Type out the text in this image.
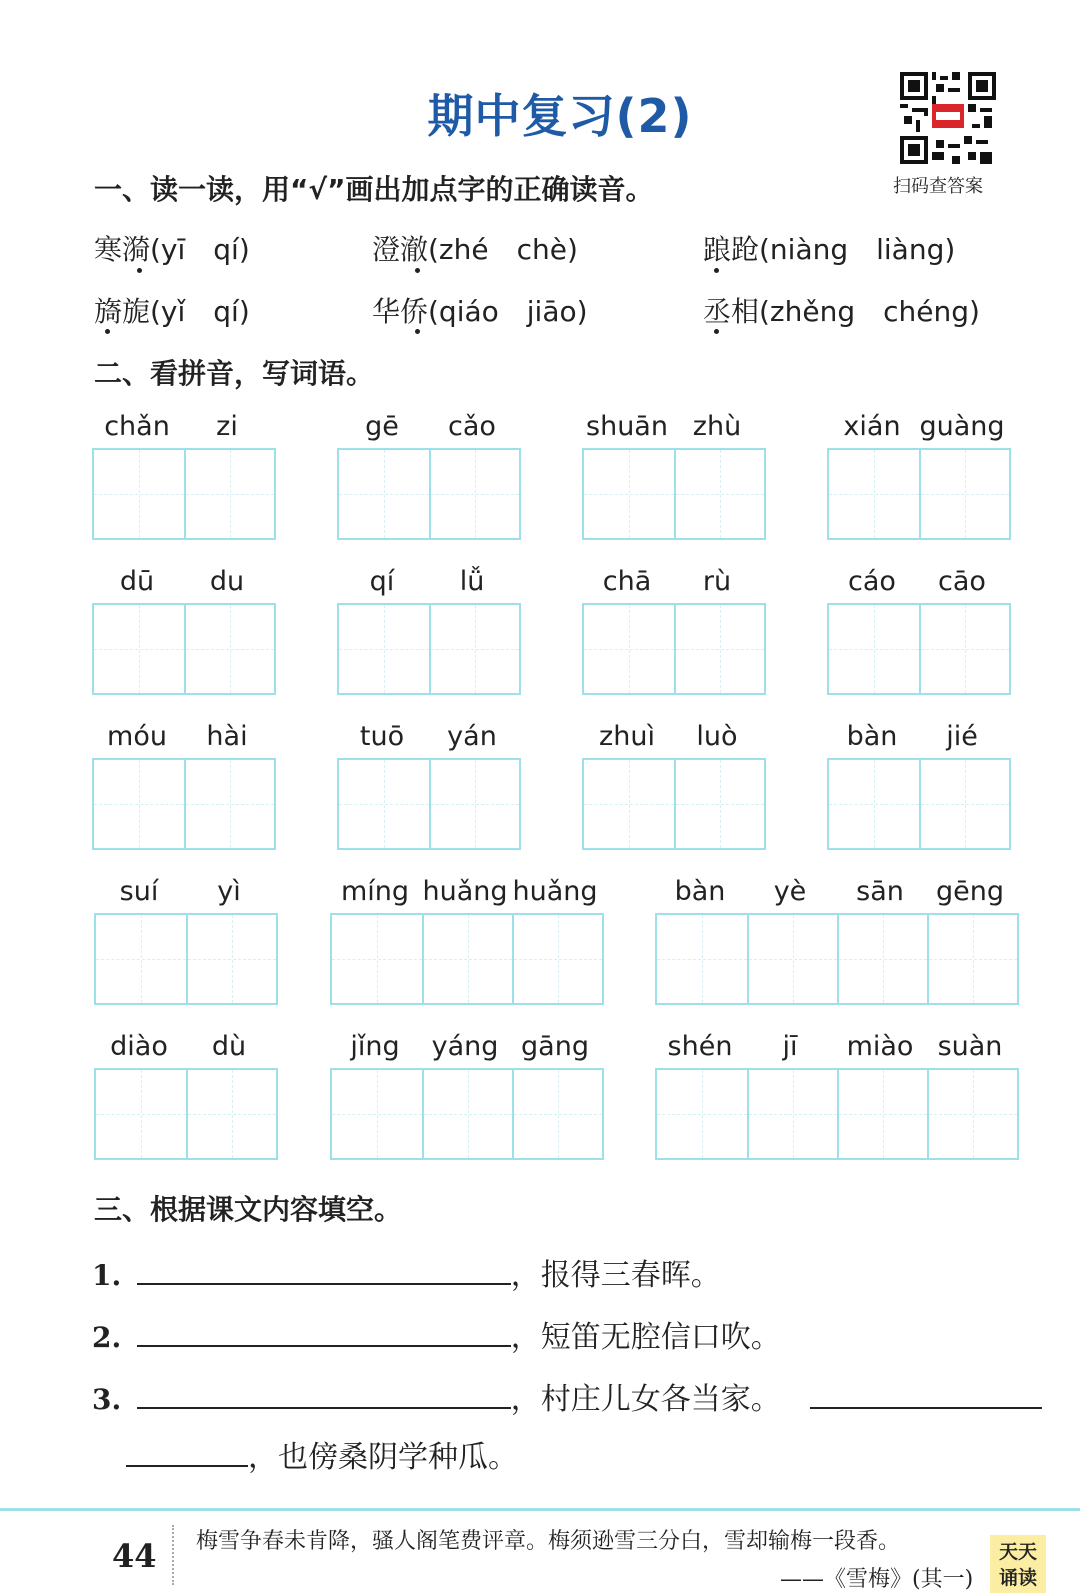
期中复习(2)
扫码查答案
一、读一读，用“√”画出加点字的正确读音。
寒漪(yī　qí)	澄澈(zhé　chè)	踉跄(niàng　liàng)
旖旎(yǐ　qí)	华侨(qiáo　jiāo)	丞相(zhěng　chéng)
二、看拼音，写词语。
chǎn	zi	gē	cǎo	shuān zhù	xián guàng
dū	du	qí	lǚ	chā	rù	cáo	cāo
móu	hài	tuō	yán	zhuì	luò	bàn	jié
suí	yì	míng huǎng huǎng	bàn	yè	sān	gēng
diào	dù	jǐng	yáng gāng	shén	jī	miào suàn
三、根据课文内容填空。
1.	，报得三春晖。
2.	，短笛无腔信口吹。
3.	，村庄儿女各当家。
，也傍桑阴学种瓜。
44 梅雪争春未肯降，骚人阁笔费评章。梅须逊雪三分白，雪却输梅一段香。
——《雪梅》(其一)
天天
诵读
